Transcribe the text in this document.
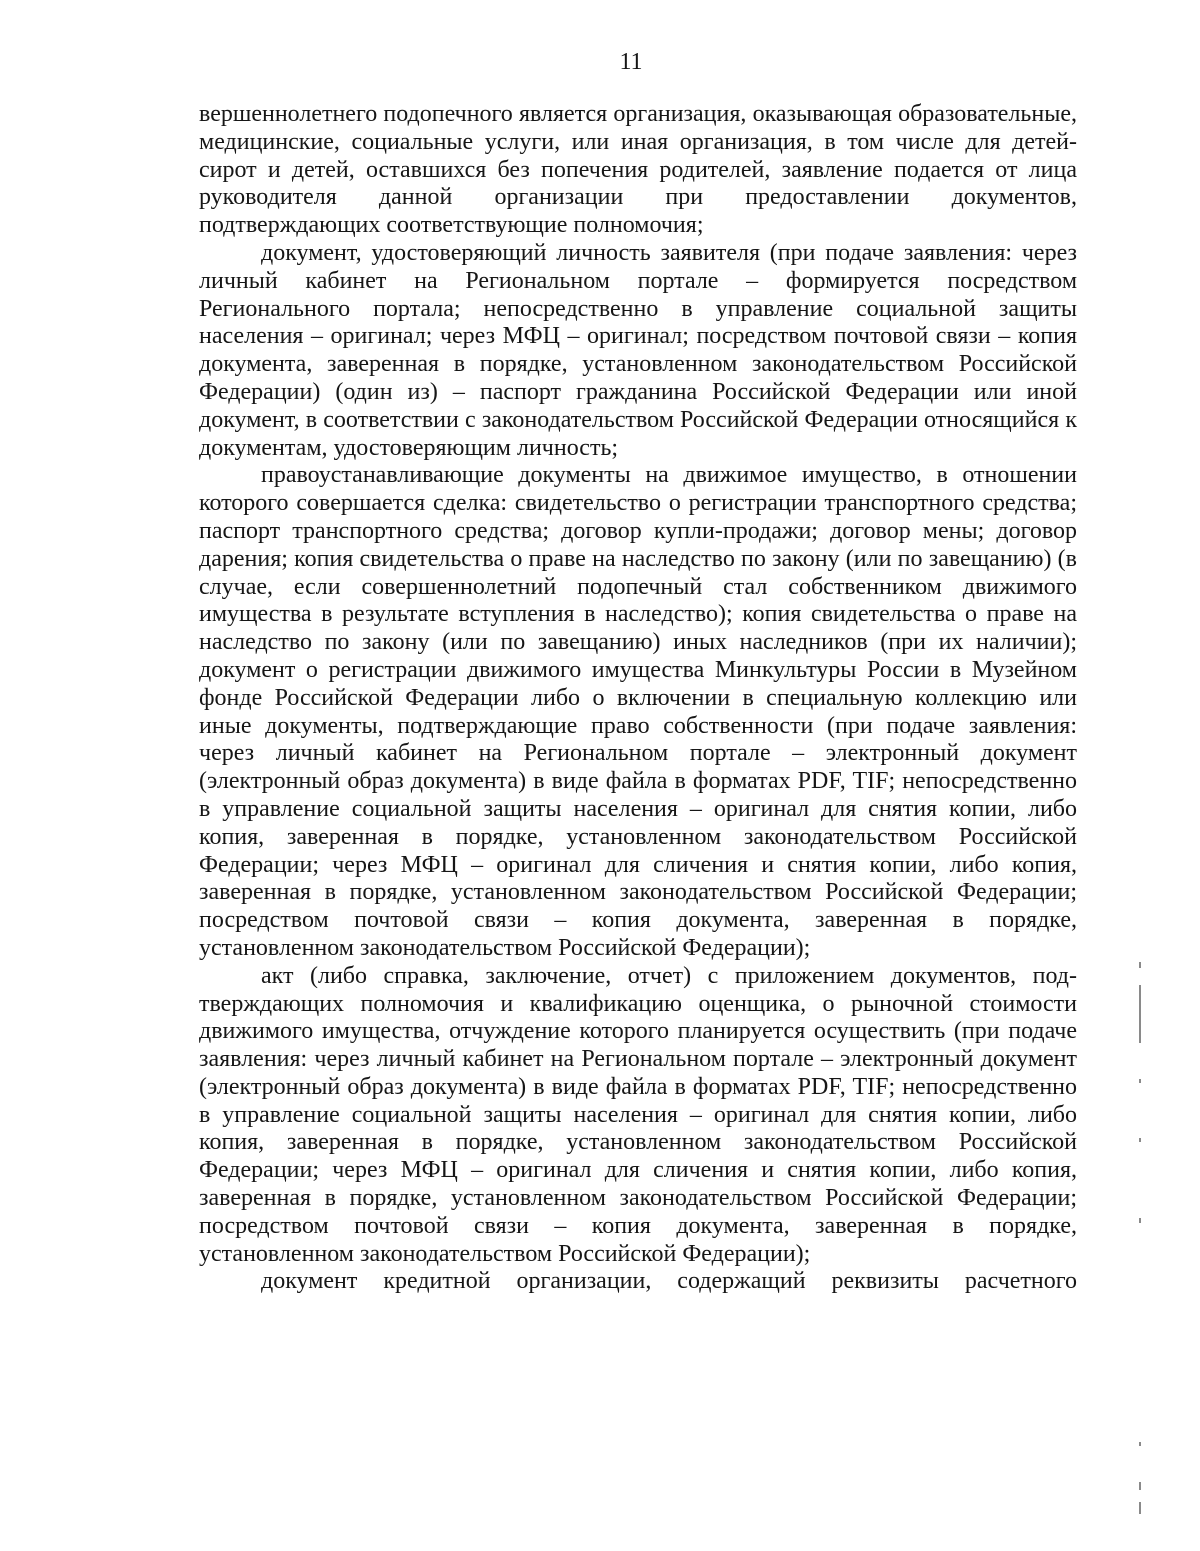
11

вершеннолетнего подопечного является организация, оказывающая образовательные, медицинские, социальные услуги, или иная организация, в том числе для детей-сирот и детей, оставшихся без попечения родителей, заявление подается от лица руководителя данной организации при предоставлении документов, подтверждающих соответствующие полномочия;

документ, удостоверяющий личность заявителя (при подаче заявления: через личный кабинет на Региональном портале – формируется посредством Регионального портала; непосредственно в управление социальной защиты населения – оригинал; через МФЦ – оригинал; посредством почтовой связи – копия документа, заверенная в порядке, установленном законодательством Российской Федерации) (один из) – паспорт гражданина Российской Федерации или иной документ, в соответствии с законодательством Российской Федерации относящийся к документам, удостоверяющим личность;

правоустанавливающие документы на движимое имущество, в отношении которого совершается сделка: свидетельство о регистрации транспортного средства; паспорт транспортного средства; договор купли-продажи; договор мены; договор дарения; копия свидетельства о праве на наследство по закону (или по завещанию) (в случае, если совершеннолетний подопечный стал собственником движимого имущества в результате вступления в наследство); копия свидетельства о праве на наследство по закону (или по завещанию) иных наследников (при их наличии); документ о регистрации движимого имущества Минкультуры России в Музейном фонде Российской Федерации либо о включении в специальную коллекцию или иные документы, подтверждающие право собственности (при подаче заявления: через личный кабинет на Региональном портале – электронный документ (электронный образ документа) в виде файла в форматах PDF, TIF; непосредственно в управление социальной защиты населения – оригинал для снятия копии, либо копия, заверенная в порядке, установленном законодательством Российской Федерации; через МФЦ – оригинал для сличения и снятия копии, либо копия, заверенная в порядке, установленном законодательством Российской Федерации; посредством почтовой связи – копия документа, заверенная в порядке, установленном законодательством Российской Федерации);

акт (либо справка, заключение, отчет) с приложением документов, подтверждающих полномочия и квалификацию оценщика, о рыночной стоимости движимого имущества, отчуждение которого планируется осуществить (при подаче заявления: через личный кабинет на Региональном портале – электронный документ (электронный образ документа) в виде файла в форматах PDF, TIF; непосредственно в управление социальной защиты населения – оригинал для снятия копии, либо копия, заверенная в порядке, установленном законодательством Российской Федерации; через МФЦ – оригинал для сличения и снятия копии, либо копия, заверенная в порядке, установленном законодательством Российской Федерации; посредством почтовой связи – копия документа, заверенная в порядке, установленном законодательством Российской Федерации);

документ кредитной организации, содержащий реквизиты расчетного
